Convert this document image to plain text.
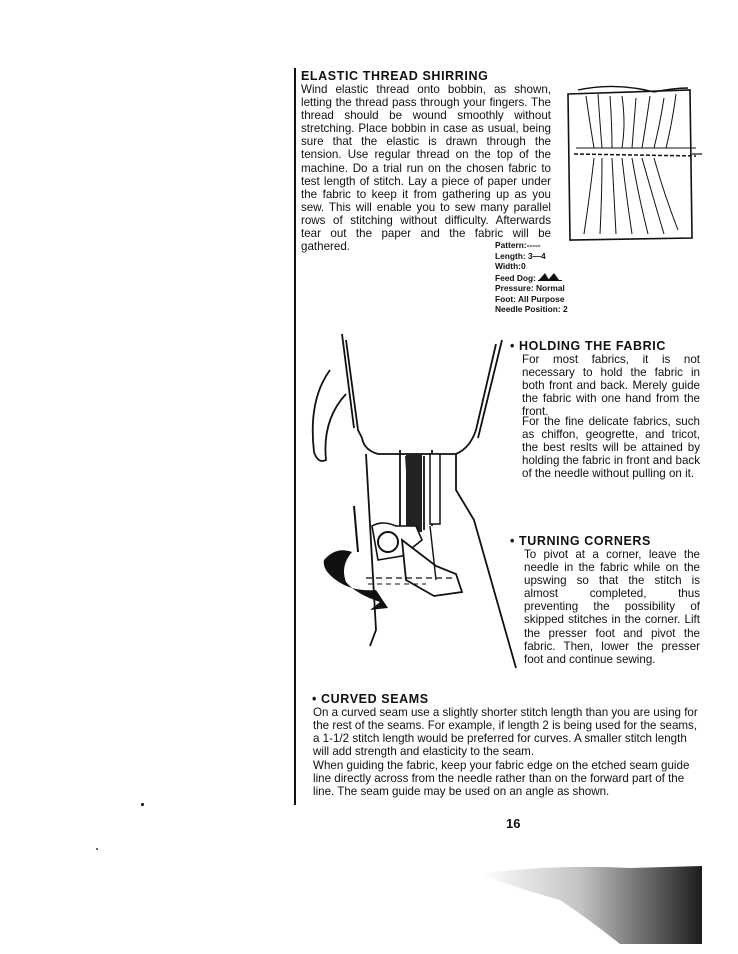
ELASTIC THREAD SHIRRING
Wind elastic thread onto bobbin, as shown, letting the thread pass through your fingers. The thread should be wound smoothly without stretching. Place bobbin in case as usual, being sure that the elastic is drawn through the tension. Use regular thread on the top of the machine. Do a trial run on the chosen fabric to test length of stitch. Lay a piece of paper under the fabric to keep it from gathering up as you sew. This will enable you to sew many parallel rows of stitching without difficulty. Afterwards tear out the paper and the fabric will be gathered.	Pattern:-----
Length: 3—4
Width:0
Feed Dog:
Pressure: Normal
Foot: All Purpose
Needle Position: 2
• HOLDING THE FABRIC
For most fabrics, it is not necessary to hold the fabric in both front and back. Merely guide the fabric with one hand from the front.
For the fine delicate fabrics, such as chiffon, geogrette, and tricot, the best reslts will be attained by holding the fabric in front and back of the needle without pulling on it.
• TURNING CORNERS
To pivot at a corner, leave the needle in the fabric while on the upswing so that the stitch is almost completed, thus preventing the possibility of skipped stitches in the corner. Lift the presser foot and pivot the fabric. Then, lower the presser foot and continue sewing.
• CURVED SEAMS
On a curved seam use a slightly shorter stitch length than you are using for the rest of the seams. For example, if length 2 is being used for the seams, a 1-1/2 stitch length would be preferred for curves. A smaller stitch length will add strength and elasticity to the seam.
When guiding the fabric, keep your fabric edge on the etched seam guide line directly across from the needle rather than on the forward part of the line. The seam guide may be used on an angle as shown.
16
